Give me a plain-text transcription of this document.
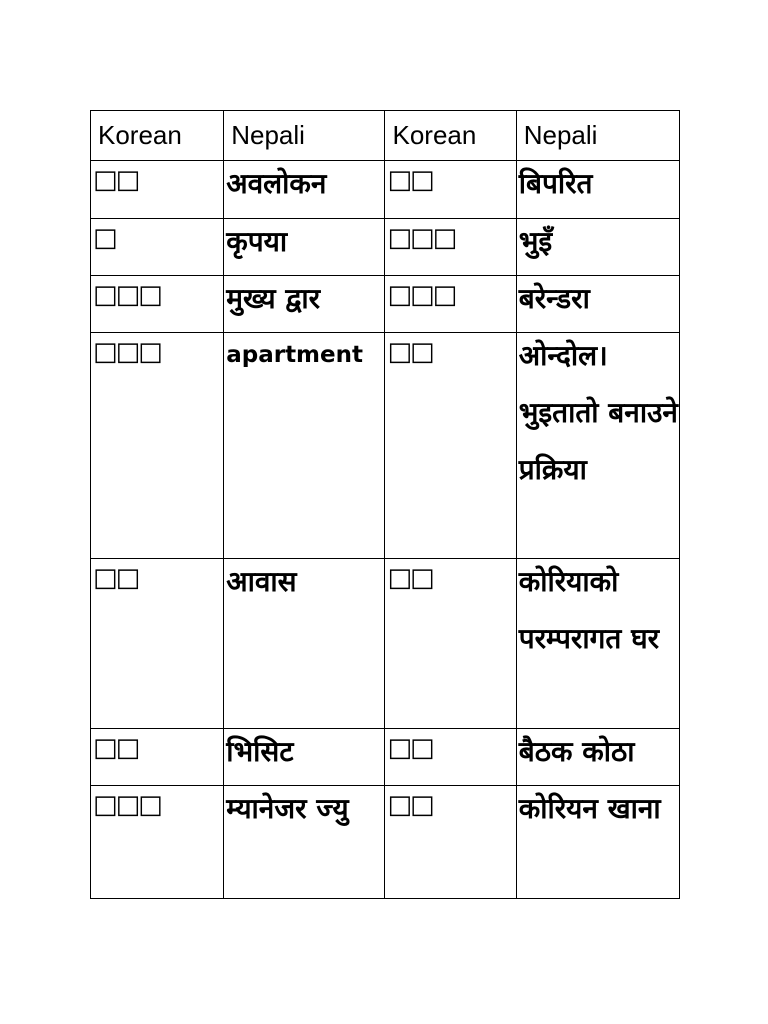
Korean	Nepali	Korean	Nepali

□□	अवलोकन	□□	बिपरित

□	कृपया	□□□	भुइँ

□□□	मुख्य द्वार	□□□	बरेन्डरा

□□□	apartment	□□	ओन्दोल। भुइतातो बनाउने प्रक्रिया

□□	आवास	□□	कोरियाको परम्परागत घर

□□	भिसिट	□□	बैठक कोठा

□□□	म्यानेजर ज्यु	□□	कोरियन खाना
